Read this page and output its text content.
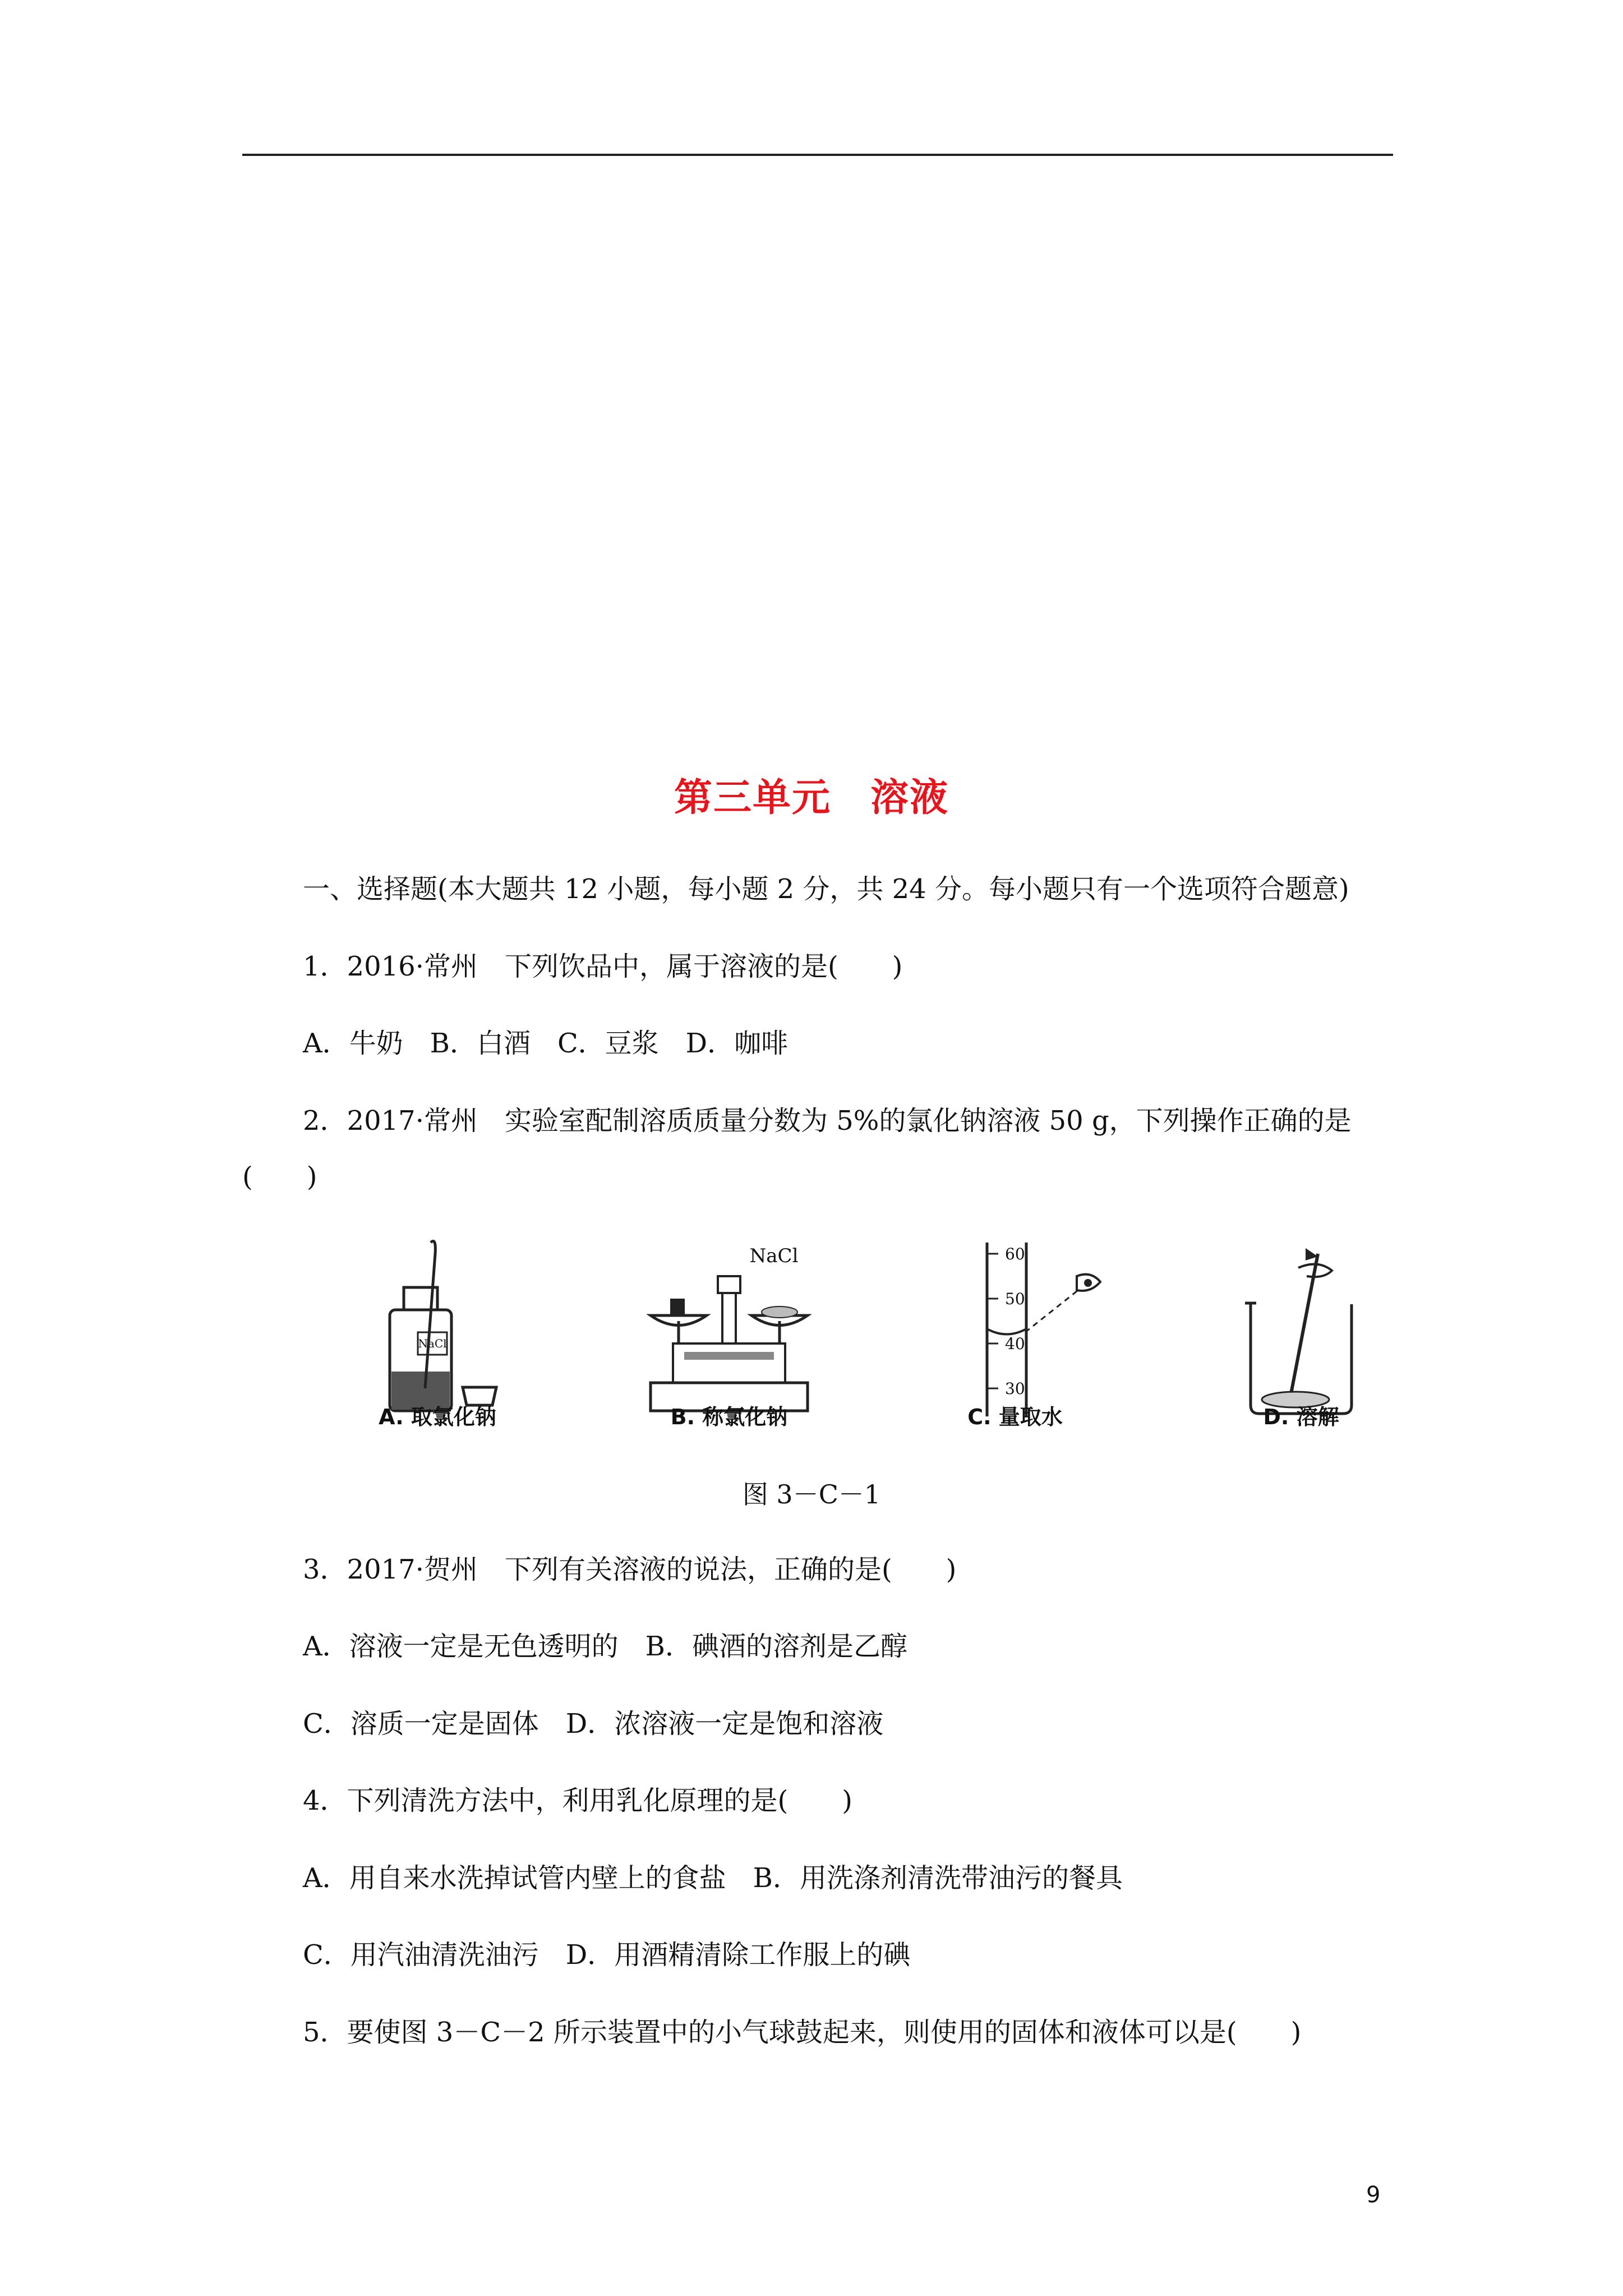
第三单元　溶液
一、选择题(本大题共 12 小题，每小题 2 分，共 24 分。每小题只有一个选项符合题意)
1．2016·常州　下列饮品中，属于溶液的是(　　)
A．牛奶　B．白酒　C．豆浆　D．咖啡
2．2017·常州　实验室配制溶质质量分数为 5%的氯化钠溶液 50 g，下列操作正确的是
(　　)
NaCl
A. 取氯化钠
NaCl
B. 称氯化钠
60
50
40
30
C. 量取水	D. 溶解
图 3－C－1
3．2017·贺州　下列有关溶液的说法，正确的是(　　)
A．溶液一定是无色透明的　B．碘酒的溶剂是乙醇
C．溶质一定是固体　D．浓溶液一定是饱和溶液
4．下列清洗方法中，利用乳化原理的是(　　)
A．用自来水洗掉试管内壁上的食盐　B．用洗涤剂清洗带油污的餐具
C．用汽油清洗油污　D．用酒精清除工作服上的碘
5．要使图 3－C－2 所示装置中的小气球鼓起来，则使用的固体和液体可以是(　　)
9
